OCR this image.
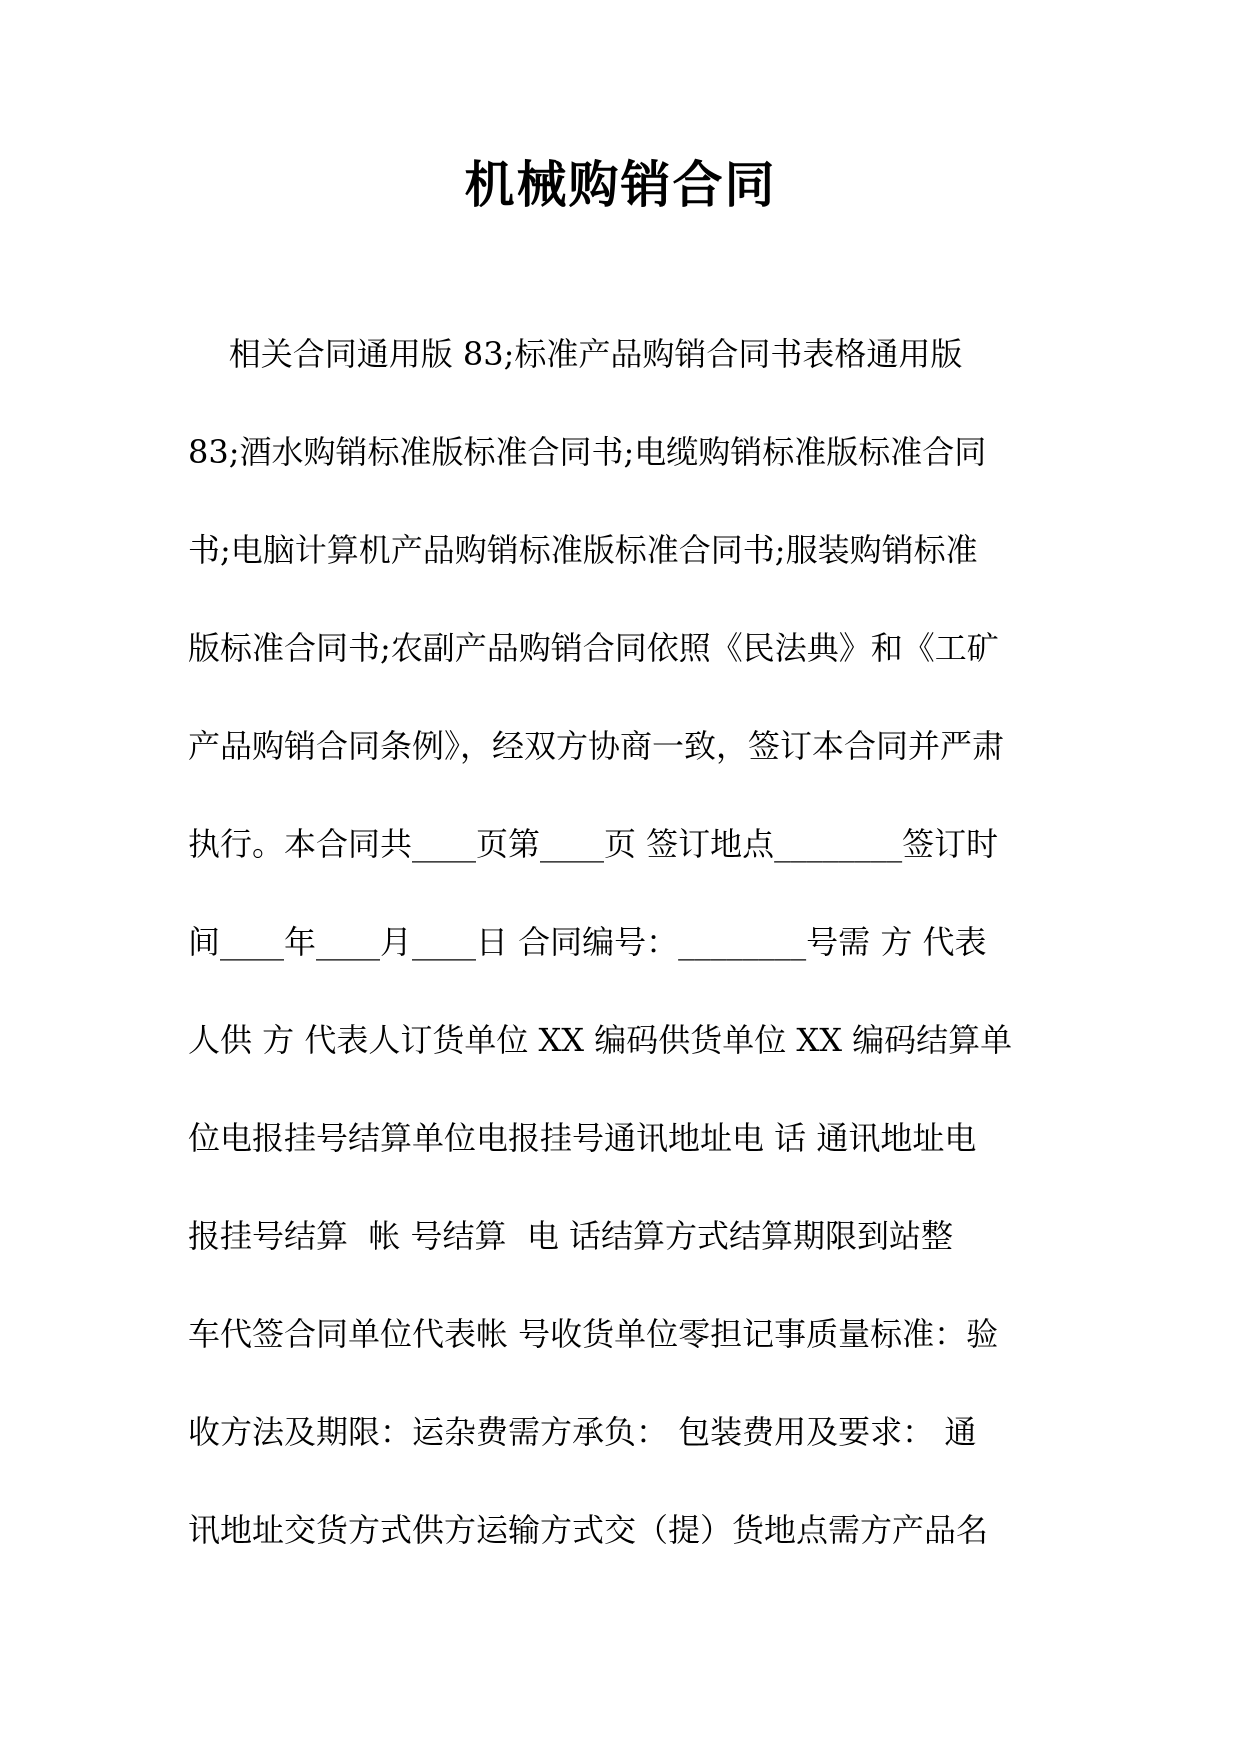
机械购销合同
相关合同通用版 83;标准产品购销合同书表格通用版
83;酒水购销标准版标准合同书;电缆购销标准版标准合同
书;电脑计算机产品购销标准版标准合同书;服装购销标准
版标准合同书;农副产品购销合同依照《民法典》和《工矿
产品购销合同条例》，经双方协商一致，签订本合同并严肃
执行。本合同共____页第____页 签订地点________签订时
间____年____月____日 合同编号：________号需 方 代表
人供 方 代表人订货单位 XX 编码供货单位 XX 编码结算单
位电报挂号结算单位电报挂号通讯地址电 话 通讯地址电
报挂号结算  帐 号结算  电 话结算方式结算期限到站整
车代签合同单位代表帐 号收货单位零担记事质量标准：验
收方法及期限：运杂费需方承负： 包装费用及要求： 通
讯地址交货方式供方运输方式交（提）货地点需方产品名
